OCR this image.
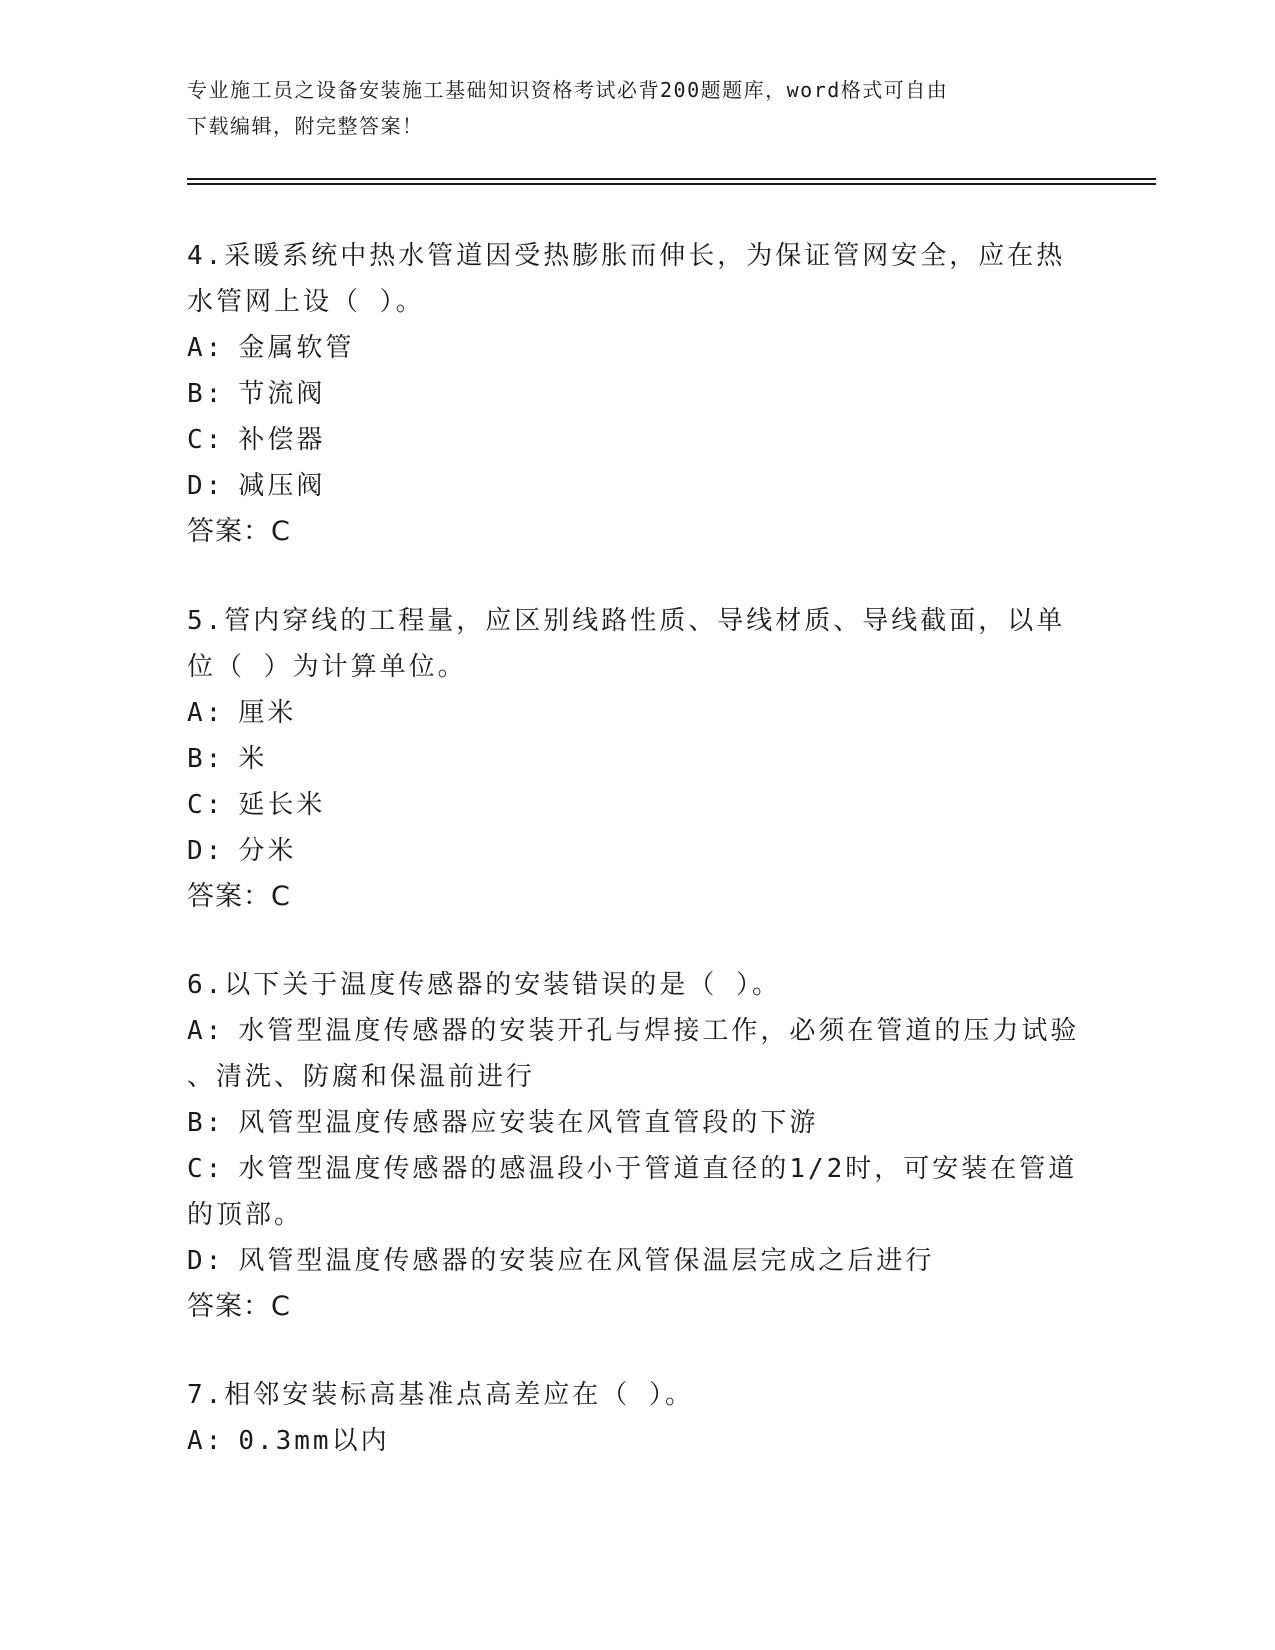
专业施工员之设备安装施工基础知识资格考试必背200题题库，word格式可自由
下载编辑，附完整答案！
4.采暖系统中热水管道因受热膨胀而伸长，为保证管网安全，应在热
水管网上设（ ）。
A: 金属软管
B: 节流阀
C: 补偿器
D: 减压阀
答案：C
5.管内穿线的工程量，应区别线路性质、导线材质、导线截面，以单
位（ ）为计算单位。
A: 厘米
B: 米
C: 延长米
D: 分米
答案：C
6.以下关于温度传感器的安装错误的是（ ）。
A: 水管型温度传感器的安装开孔与焊接工作，必须在管道的压力试验
、清洗、防腐和保温前进行
B: 风管型温度传感器应安装在风管直管段的下游
C: 水管型温度传感器的感温段小于管道直径的1/2时，可安装在管道
的顶部。
D: 风管型温度传感器的安装应在风管保温层完成之后进行
答案：C
7.相邻安装标高基准点高差应在（ ）。
A: 0.3mm以内
